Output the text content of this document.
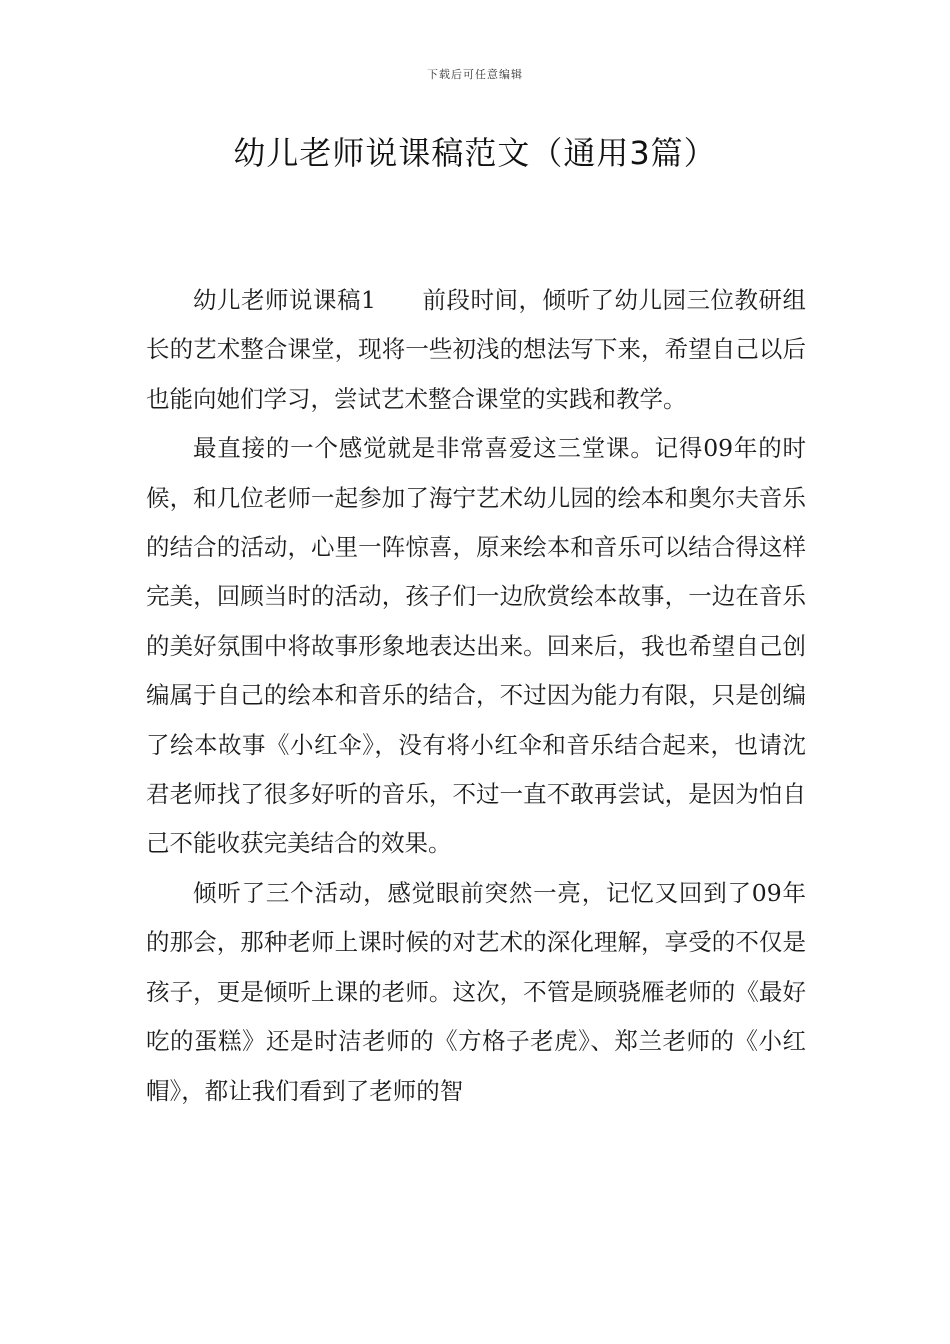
下载后可任意编辑
幼儿老师说课稿范文（通用3篇）

幼儿老师说课稿1 前段时间，倾听了幼儿园三位教研组长的艺术整合课堂，现将一些初浅的想法写下来，希望自己以后也能向她们学习，尝试艺术整合课堂的实践和教学。

最直接的一个感觉就是非常喜爱这三堂课。记得09年的时候，和几位老师一起参加了海宁艺术幼儿园的绘本和奥尔夫音乐的结合的活动，心里一阵惊喜，原来绘本和音乐可以结合得这样完美，回顾当时的活动，孩子们一边欣赏绘本故事，一边在音乐的美好氛围中将故事形象地表达出来。回来后，我也希望自己创编属于自己的绘本和音乐的结合，不过因为能力有限，只是创编了绘本故事《小红伞》，没有将小红伞和音乐结合起来，也请沈君老师找了很多好听的音乐，不过一直不敢再尝试，是因为怕自己不能收获完美结合的效果。

倾听了三个活动，感觉眼前突然一亮，记忆又回到了09年的那会，那种老师上课时候的对艺术的深化理解，享受的不仅是孩子，更是倾听上课的老师。这次，不管是顾骁雁老师的《最好吃的蛋糕》还是时洁老师的《方格子老虎》、郑兰老师的《小红帽》，都让我们看到了老师的智
